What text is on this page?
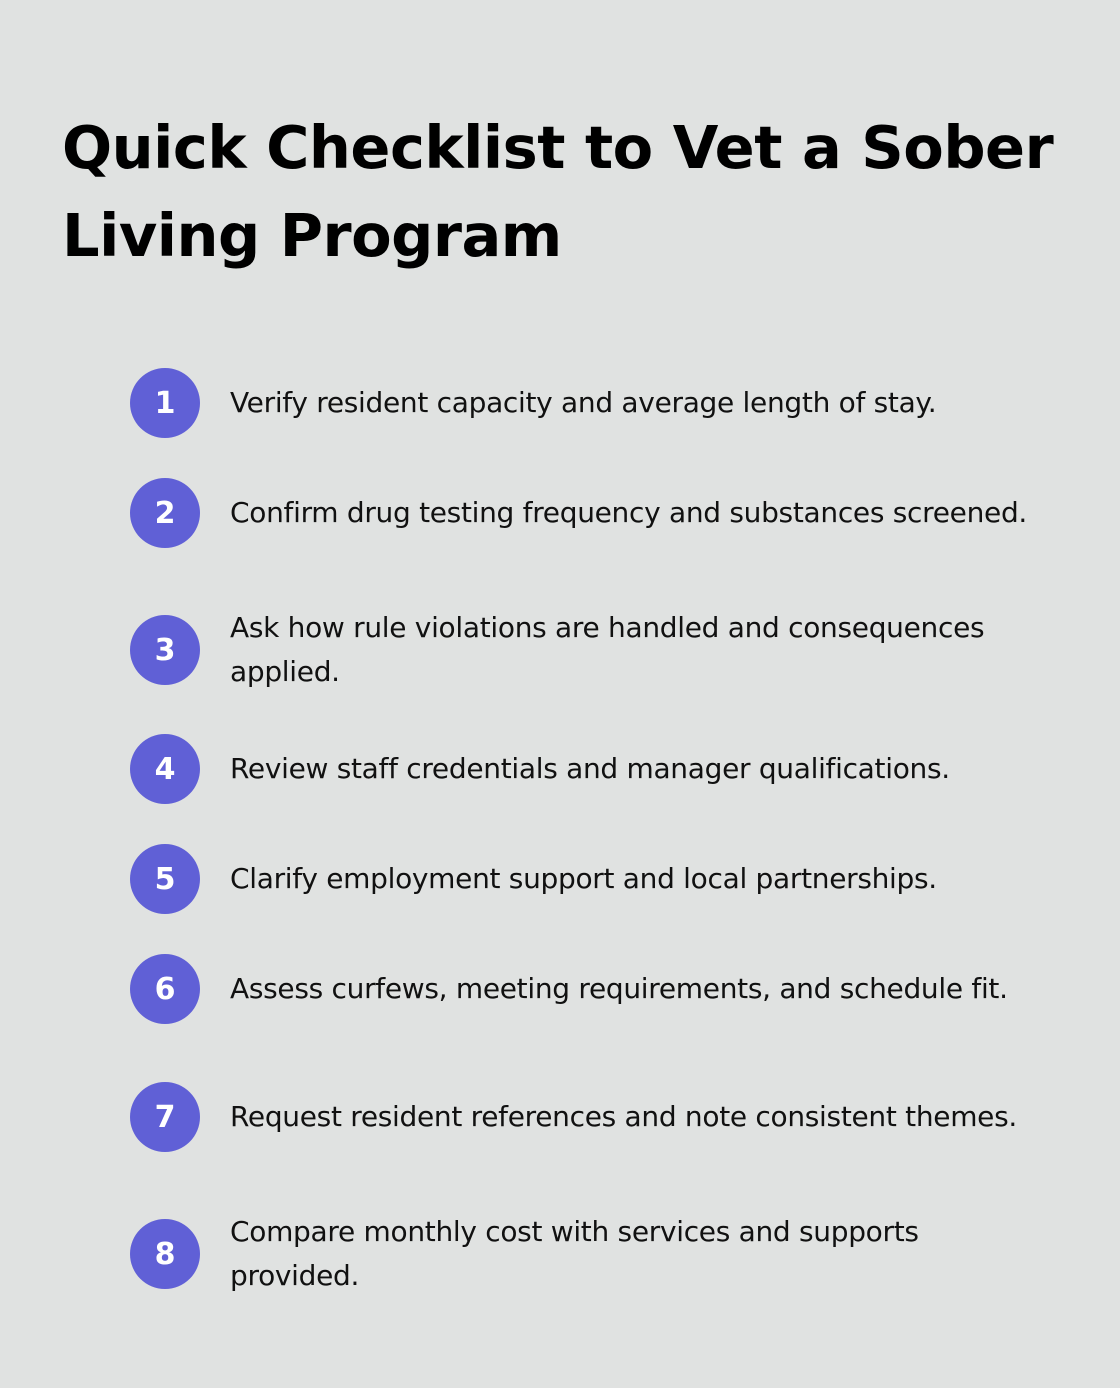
Quick Checklist to Vet a Sober Living Program
1	Verify resident capacity and average length of stay.
2	Confirm drug testing frequency and substances screened.
3
Ask how rule violations are handled and consequences applied.
4	Review staff credentials and manager qualifications.
5	Clarify employment support and local partnerships.
6	Assess curfews, meeting requirements, and schedule fit.
7	Request resident references and note consistent themes.
8
Compare monthly cost with services and supports provided.
